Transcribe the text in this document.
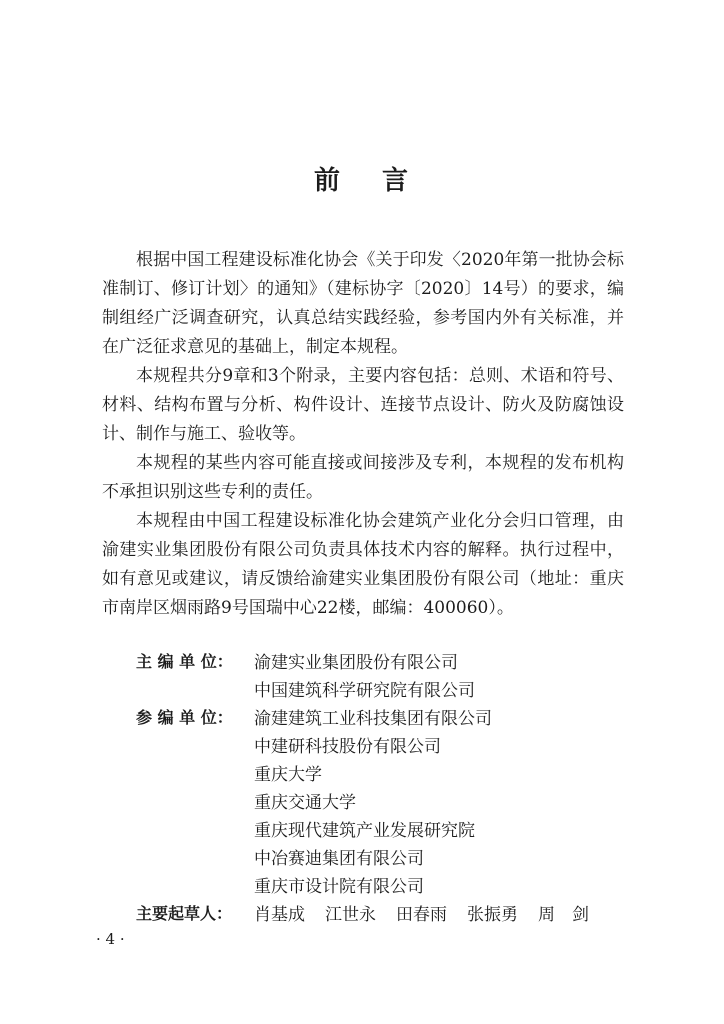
前 言

根据中国工程建设标准化协会《关于印发〈2020年第一批协会标准制订、修订计划〉的通知》（建标协字〔2020〕14号）的要求，编制组经广泛调查研究，认真总结实践经验，参考国内外有关标准，并在广泛征求意见的基础上，制定本规程。

本规程共分9章和3个附录，主要内容包括：总则、术语和符号、材料、结构布置与分析、构件设计、连接节点设计、防火及防腐蚀设计、制作与施工、验收等。

本规程的某些内容可能直接或间接涉及专利，本规程的发布机构不承担识别这些专利的责任。

本规程由中国工程建设标准化协会建筑产业化分会归口管理，由渝建实业集团股份有限公司负责具体技术内容的解释。执行过程中，如有意见或建议，请反馈给渝建实业集团股份有限公司（地址：重庆市南岸区烟雨路9号国瑞中心22楼，邮编：400060）。

主 编 单 位：	渝建实业集团股份有限公司
中国建筑科学研究院有限公司
参 编 单 位：	渝建建筑工业科技集团有限公司
中建研科技股份有限公司
重庆大学
重庆交通大学
重庆现代建筑产业发展研究院
中冶赛迪集团有限公司
重庆市设计院有限公司
主要起草人：	肖基成 江世永 田春雨 张振勇 周　剑
· 4 ·
